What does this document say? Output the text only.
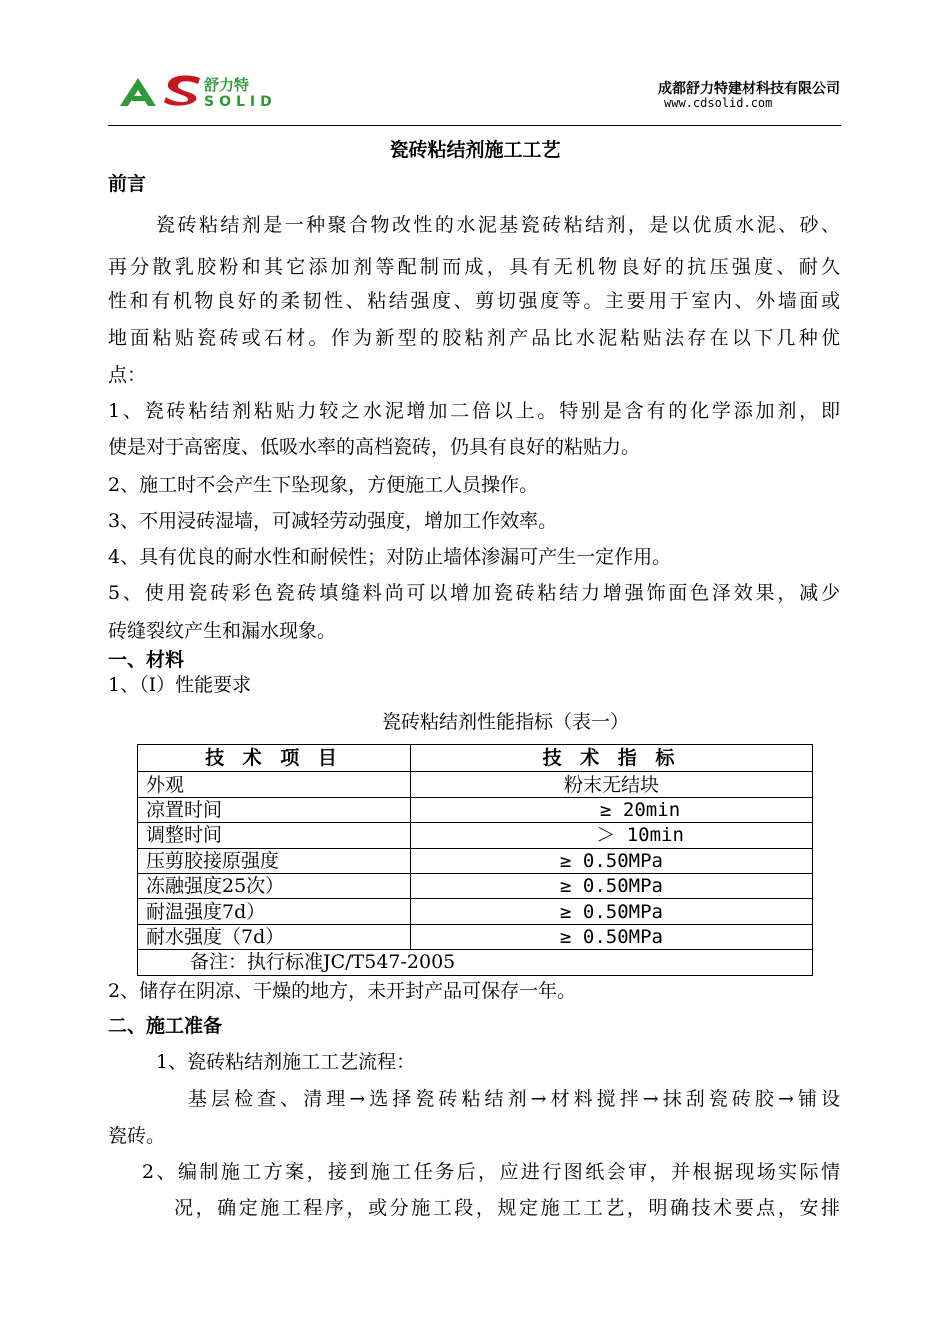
舒力特
SOLID
成都舒力特建材科技有限公司
www.cdsolid.com
瓷砖粘结剂施工工艺
前言
瓷砖粘结剂是一种聚合物改性的水泥基瓷砖粘结剂，是以优质水泥、砂、
再分散乳胶粉和其它添加剂等配制而成，具有无机物良好的抗压强度、耐久
性和有机物良好的柔韧性、粘结强度、剪切强度等。主要用于室内、外墙面或
地面粘贴瓷砖或石材。作为新型的胶粘剂产品比水泥粘贴法存在以下几种优
点：
1、瓷砖粘结剂粘贴力较之水泥增加二倍以上。特别是含有的化学添加剂，即
使是对于高密度、低吸水率的高档瓷砖，仍具有良好的粘贴力。
2、施工时不会产生下坠现象，方便施工人员操作。
3、不用浸砖湿墙，可减轻劳动强度，增加工作效率。
4、具有优良的耐水性和耐候性；对防止墙体渗漏可产生一定作用。
5、使用瓷砖彩色瓷砖填缝料尚可以增加瓷砖粘结力增强饰面色泽效果，减少
砖缝裂纹产生和漏水现象。
一、材料
1、（Ⅰ）性能要求
瓷砖粘结剂性能指标（表一）
技 术 项 目	技 术 指 标
外观	粉末无结块
凉置时间	≥ 20min
调整时间	＞ 10min
压剪胶接原强度	≥ 0.50MPa
冻融强度25次）	≥ 0.50MPa
耐温强度7d）	≥ 0.50MPa
耐水强度（7d）	≥ 0.50MPa
备注：执行标准JC/T547-2005	
2、储存在阴凉、干燥的地方，未开封产品可保存一年。
二、施工准备
1、瓷砖粘结剂施工工艺流程：
基层检查、清理→选择瓷砖粘结剂→材料搅拌→抹刮瓷砖胶→铺设
瓷砖。
2、编制施工方案，接到施工任务后，应进行图纸会审，并根据现场实际情
况，确定施工程序，或分施工段，规定施工工艺，明确技术要点，安排
